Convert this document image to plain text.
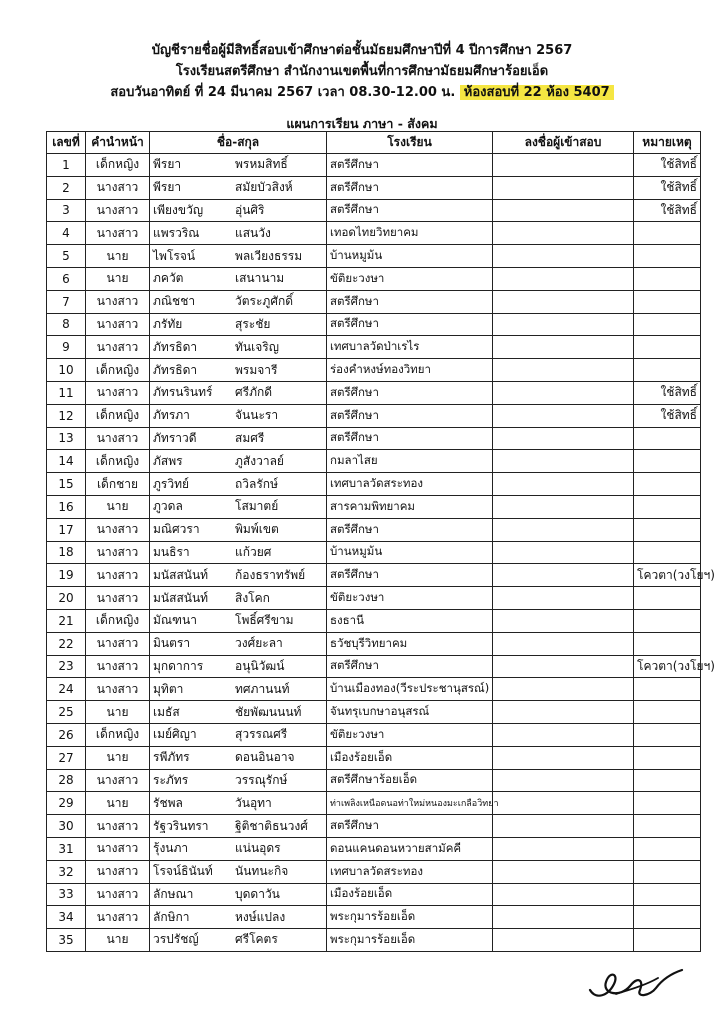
บัญชีรายชื่อผู้มีสิทธิ์สอบเข้าศึกษาต่อชั้นมัธยมศึกษาปีที่ 4 ปีการศึกษา 2567
โรงเรียนสตรีศึกษา สำนักงานเขตพื้นที่การศึกษามัธยมศึกษาร้อยเอ็ด
สอบวันอาทิตย์ ที่ 24 มีนาคม 2567 เวลา 08.30-12.00 น. ห้องสอบที่ 22 ห้อง 5407
แผนการเรียน ภาษา - สังคม
เลขที่	คำนำหน้า	ชื่อ-สกุล	โรงเรียน	ลงชื่อผู้เข้าสอบ	หมายเหตุ
1	เด็กหญิง	พีรยา พรหมสิทธิ์	สตรีศึกษา		ใช้สิทธิ์
2	นางสาว	พีรยา สมัยบัวสิงห์	สตรีศึกษา		ใช้สิทธิ์
3	นางสาว	เพียงขวัญ อุ่นศิริ	สตรีศึกษา		ใช้สิทธิ์
4	นางสาว	แพรวริณ แสนวัง	เทอดไทยวิทยาคม		
5	นาย	ไพโรจน์ พลเวียงธรรม	บ้านหมูม้น		
6	นาย	ภควัต เสนานาม	ขัติยะวงษา		
7	นางสาว	ภณิชชา วัตระภูศักดิ์	สตรีศึกษา		
8	นางสาว	ภรัทัย สุระชัย	สตรีศึกษา		
9	นางสาว	ภัทรธิดา ทันเจริญ	เทศบาลวัดป่าเรไร		
10	เด็กหญิง	ภัทรธิดา พรมจารี	ร่องคำหงษ์ทองวิทยา		
11	นางสาว	ภัทรนรินทร์ ศรีภักดี	สตรีศึกษา		ใช้สิทธิ์
12	เด็กหญิง	ภัทรภา จันนะรา	สตรีศึกษา		ใช้สิทธิ์
13	นางสาว	ภัทราวดี สมศรี	สตรีศึกษา		
14	เด็กหญิง	ภัสพร ภูสังวาลย์	กมลาไสย		
15	เด็กชาย	ภูรวิทย์ ถวิลรักษ์	เทศบาลวัดสระทอง		
16	นาย	ภูวดล โสมาตย์	สารคามพิทยาคม		
17	นางสาว	มณิศวรา พิมพ์เขต	สตรีศึกษา		
18	นางสาว	มนธิรา แก้วยศ	บ้านหมูม้น		
19	นางสาว	มนัสสนันท์ ก้องธราทรัพย์	สตรีศึกษา		โควตา(วงโยฯ)
20	นางสาว	มนัสสนันท์ สิงโคก	ขัติยะวงษา		
21	เด็กหญิง	มัณฑนา โพธิ์ศรีขาม	ธงธานี		
22	นางสาว	มินตรา วงศ์ยะลา	ธวัชบุรีวิทยาคม		
23	นางสาว	มุกดาการ อนุนิวัฒน์	สตรีศึกษา		โควตา(วงโยฯ)
24	นางสาว	มุทิตา ทศภานนท์	บ้านเมืองทอง(วีระประชานุสรณ์)		
25	นาย	เมธัส ชัยพัฒนนนท์	จันทรุเบกษาอนุสรณ์		
26	เด็กหญิง	เมย์ศิญา สุวรรณศรี	ขัติยะวงษา		
27	นาย	รพีภัทร ดอนอินอาจ	เมืองร้อยเอ็ด		
28	นางสาว	ระภัทร วรรณุรักษ์	สตรีศึกษาร้อยเอ็ด		
29	นาย	รัชพล วันอุทา	ท่าเพลิงเหนือดนอท่าใหม่หนองมะเกลือวิทยา		
30	นางสาว	รัฐวรินทรา ฐิติชาติธนวงศ์	สตรีศึกษา		
31	นางสาว	รุ้งนภา แน่นอุดร	ดอนแคนดอนหวายสามัคคี		
32	นางสาว	โรจน์ธินันท์ นันทนะกิจ	เทศบาลวัดสระทอง		
33	นางสาว	ลักษณา บุดดาวัน	เมืองร้อยเอ็ด		
34	นางสาว	ลักษิกา หงษ์แปลง	พระกุมารร้อยเอ็ด		
35	นาย	วรปรัชญ์ ศรีโคตร	พระกุมารร้อยเอ็ด		
